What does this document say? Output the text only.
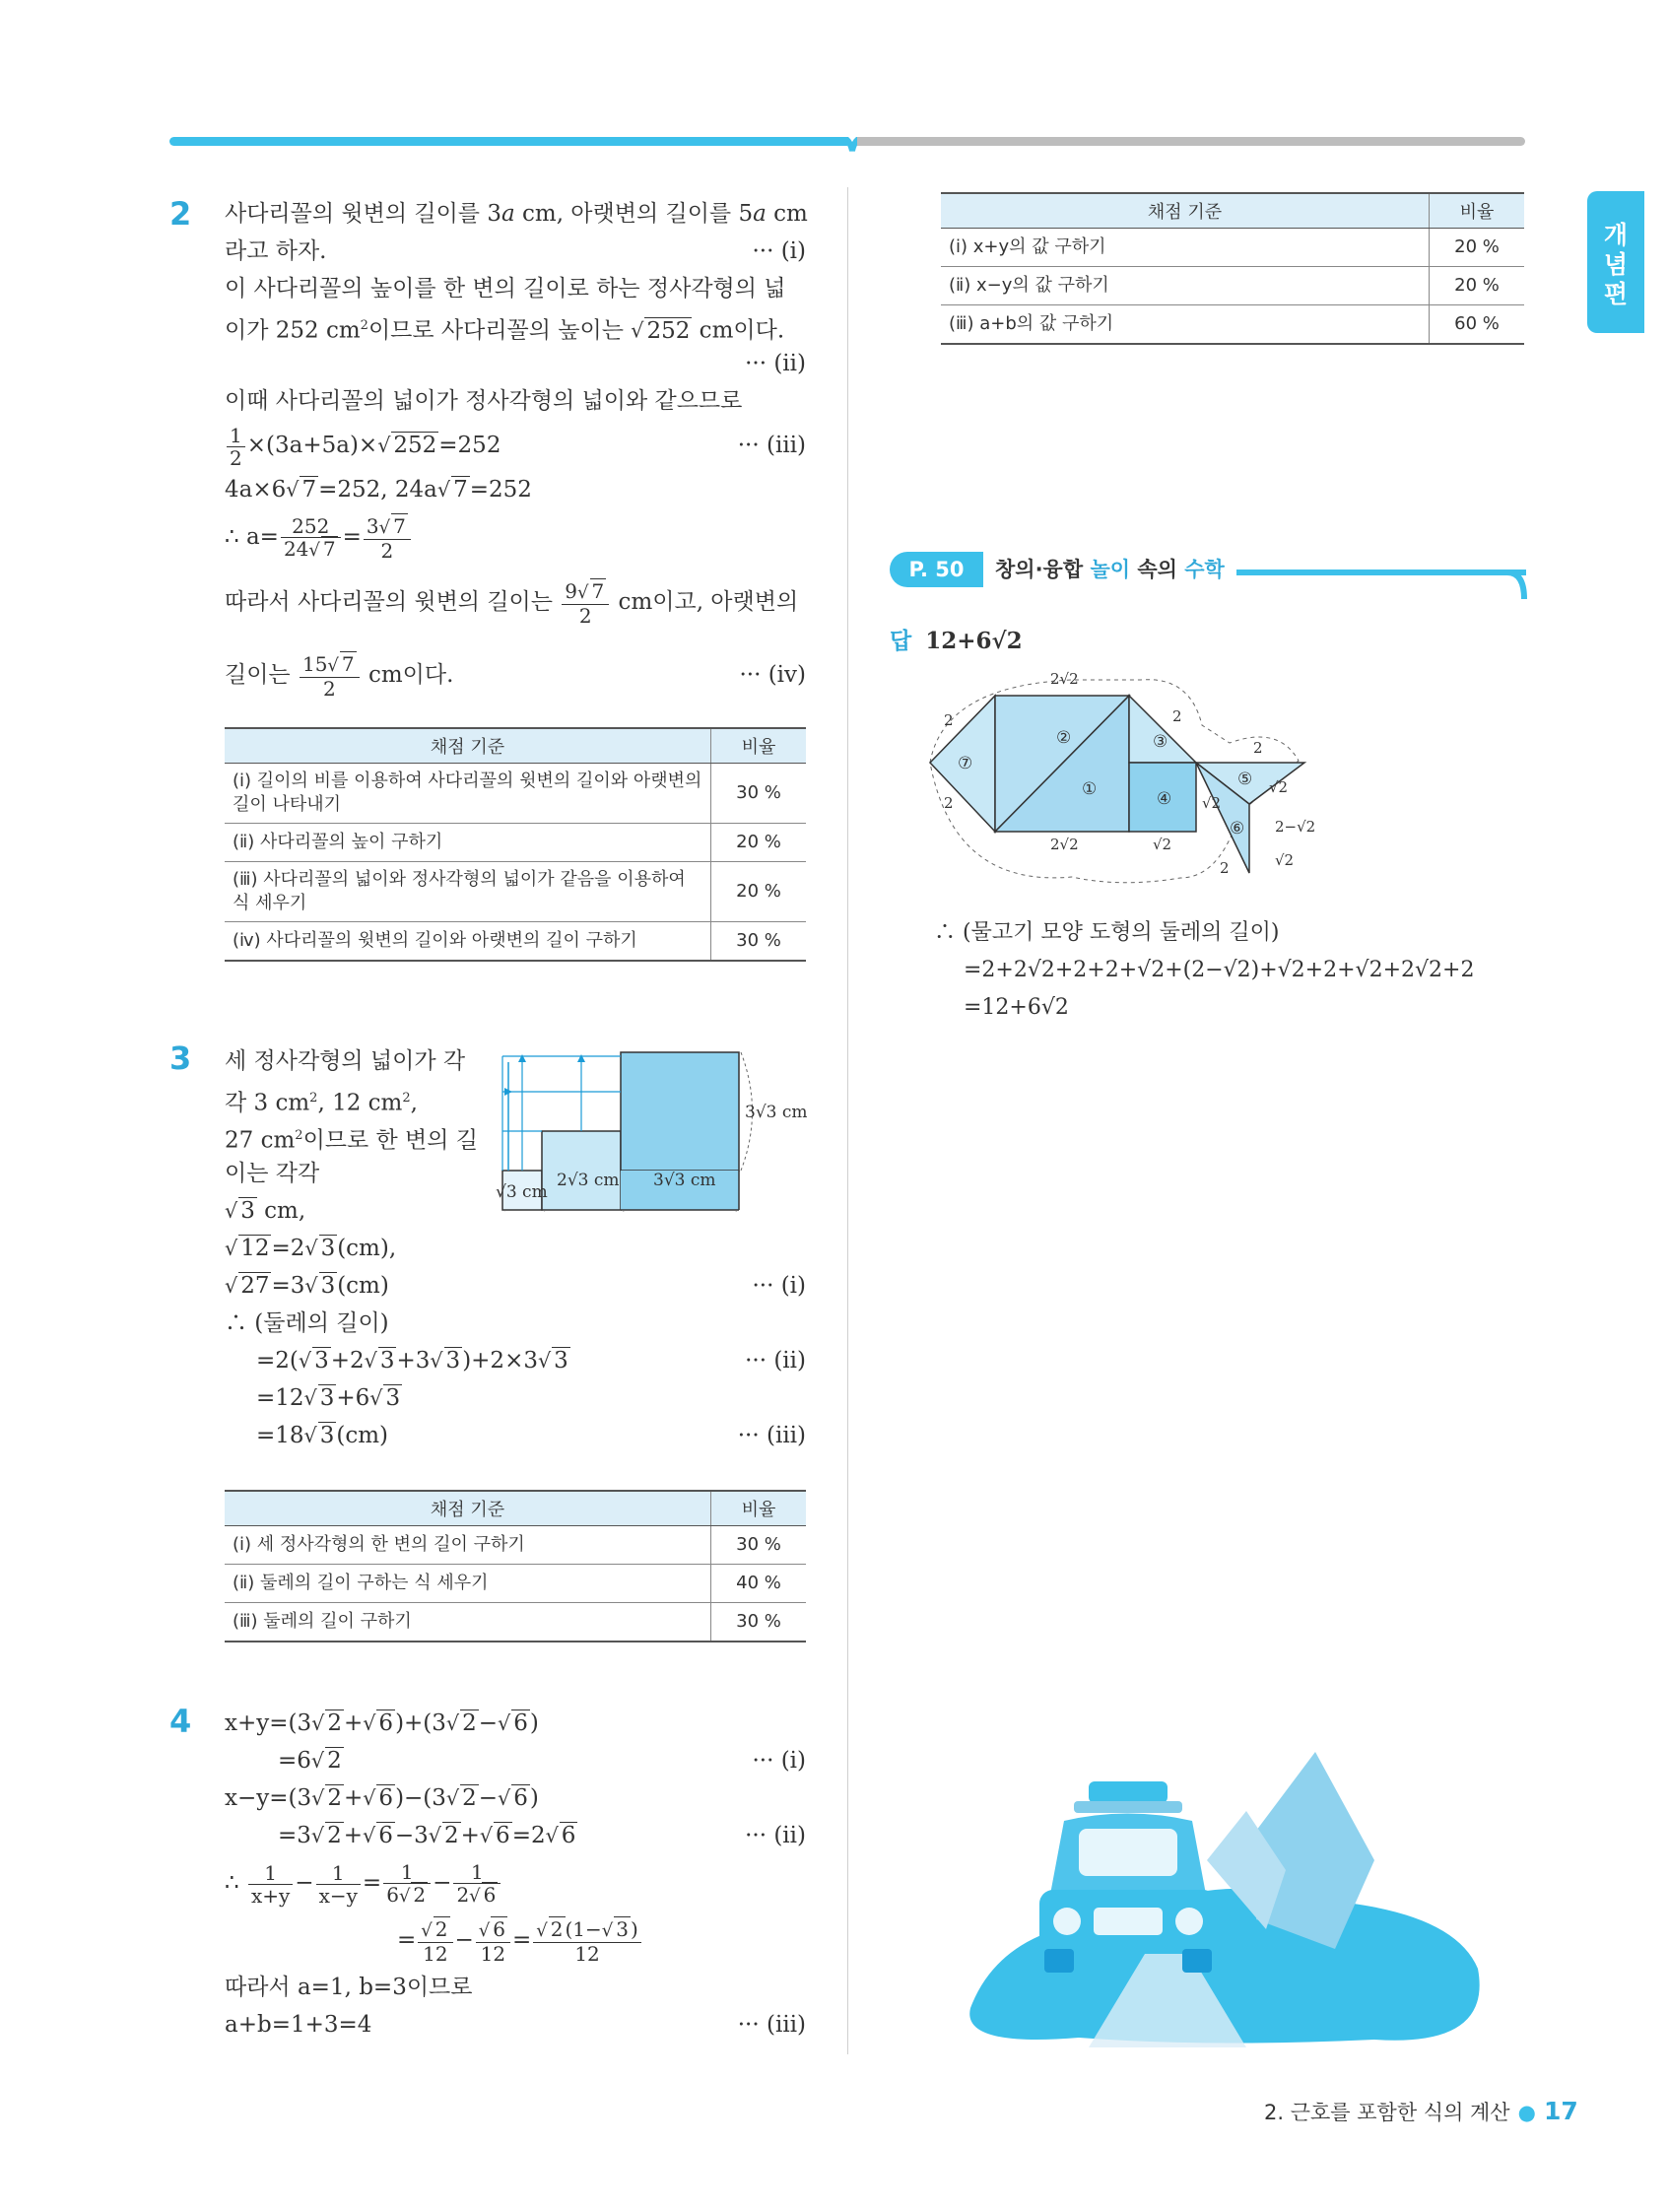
개
념
편
2 사다리꼴의 윗변의 길이를 3a cm, 아랫변의 길이를 5a cm
라고 하자.	··· (ⅰ)
이 사다리꼴의 높이를 한 변의 길이로 하는 정사각형의 넓
이가 252 $cm^2$이므로 사다리꼴의 높이는 √ 252 cm이다.
··· (ⅱ)
이때 사다리꼴의 넓이가 정사각형의 넓이와 같으므로
$\frac{1}{2} \times(3a+5a)\times√$ 252=252	··· (ⅲ)
4a×6√ 7=252, 24a√ 7=252
∴ $a= \frac{252}{24√ 7} = \frac{3√ 7}{2}$
따라서 사다리꼴의 윗변의 길이는 $\frac{9√ 7}{2}$ cm이고, 아랫변의
길이는 $\frac{15√ 7}{2}$ cm이다.	··· (ⅳ)
채점 기준	비율
(ⅰ) 길이의 비를 이용하여 사다리꼴의 윗변의 길이와 아랫변의 길이 나타내기	30 %
(ⅱ) 사다리꼴의 높이 구하기	20 %
(ⅲ) 사다리꼴의 넓이와 정사각형의 넓이가 같음을 이용하여 식 세우기	20 %
(ⅳ) 사다리꼴의 윗변의 길이와 아랫변의 길이 구하기	30 %
3 세 정사각형의 넓이가 각
각 3 $cm^2$, 12 $cm^2$,
27 $cm^2$이므로 한 변의 길
이는 각각
√ 3 cm,
√ 12=2√ 3(cm),
√ 27=3√ 3(cm)	··· (ⅰ)
∴ (둘레의 길이)
=2(√ 3+2√ 3+3√ 3)+2×3√ 3	··· (ⅱ)
=12√ 3+6√ 3
=18√ 3(cm)	··· (ⅲ)
3√3 cm
√3 cm
2√3 cm 3√3 cm
채점 기준	비율
(ⅰ) 세 정사각형의 한 변의 길이 구하기	30 %
(ⅱ) 둘레의 길이 구하는 식 세우기	40 %
(ⅲ) 둘레의 길이 구하기	30 %
4 x+y=(3√ 2+√ 6)+(3√ 2−√ 6)
=6√ 2	··· (ⅰ)
x−y=(3√ 2+√ 6)−(3√ 2−√ 6)
=3√ 2+√ 6−3√ 2+√ 6=2√ 6	··· (ⅱ)
∴ $\frac{1}{x+y} - \frac{1}{x-y} = \frac{1}{6√ 2} - \frac{1}{2√ 6}$
= $\frac{√ 2}{12} - \frac{√ 6}{12} = \frac{√ 2 (1-√ 3 )}{12}$
따라서 a=1, b=3이므로
a+b=1+3=4	··· (ⅲ)
채점 기준	비율
(ⅰ) x+y의 값 구하기	20 %
(ⅱ) x−y의 값 구하기	20 %
(ⅲ) a+b의 값 구하기	60 %
P. 50	창의·융합 놀이 속의 수학
답 12+6√2
②
①
③
④
⑤
⑥
⑦
2√2
2√2	√2
2
2
2
2
2−√2
√2
2
√2
√2
∴ (물고기 모양 도형의 둘레의 길이)
=2+2√2+2+2+√2+(2−√2)+√2+2+√2+2√2+2
=12+6√2
2. 근호를 포함한 식의 계산 ● 17
